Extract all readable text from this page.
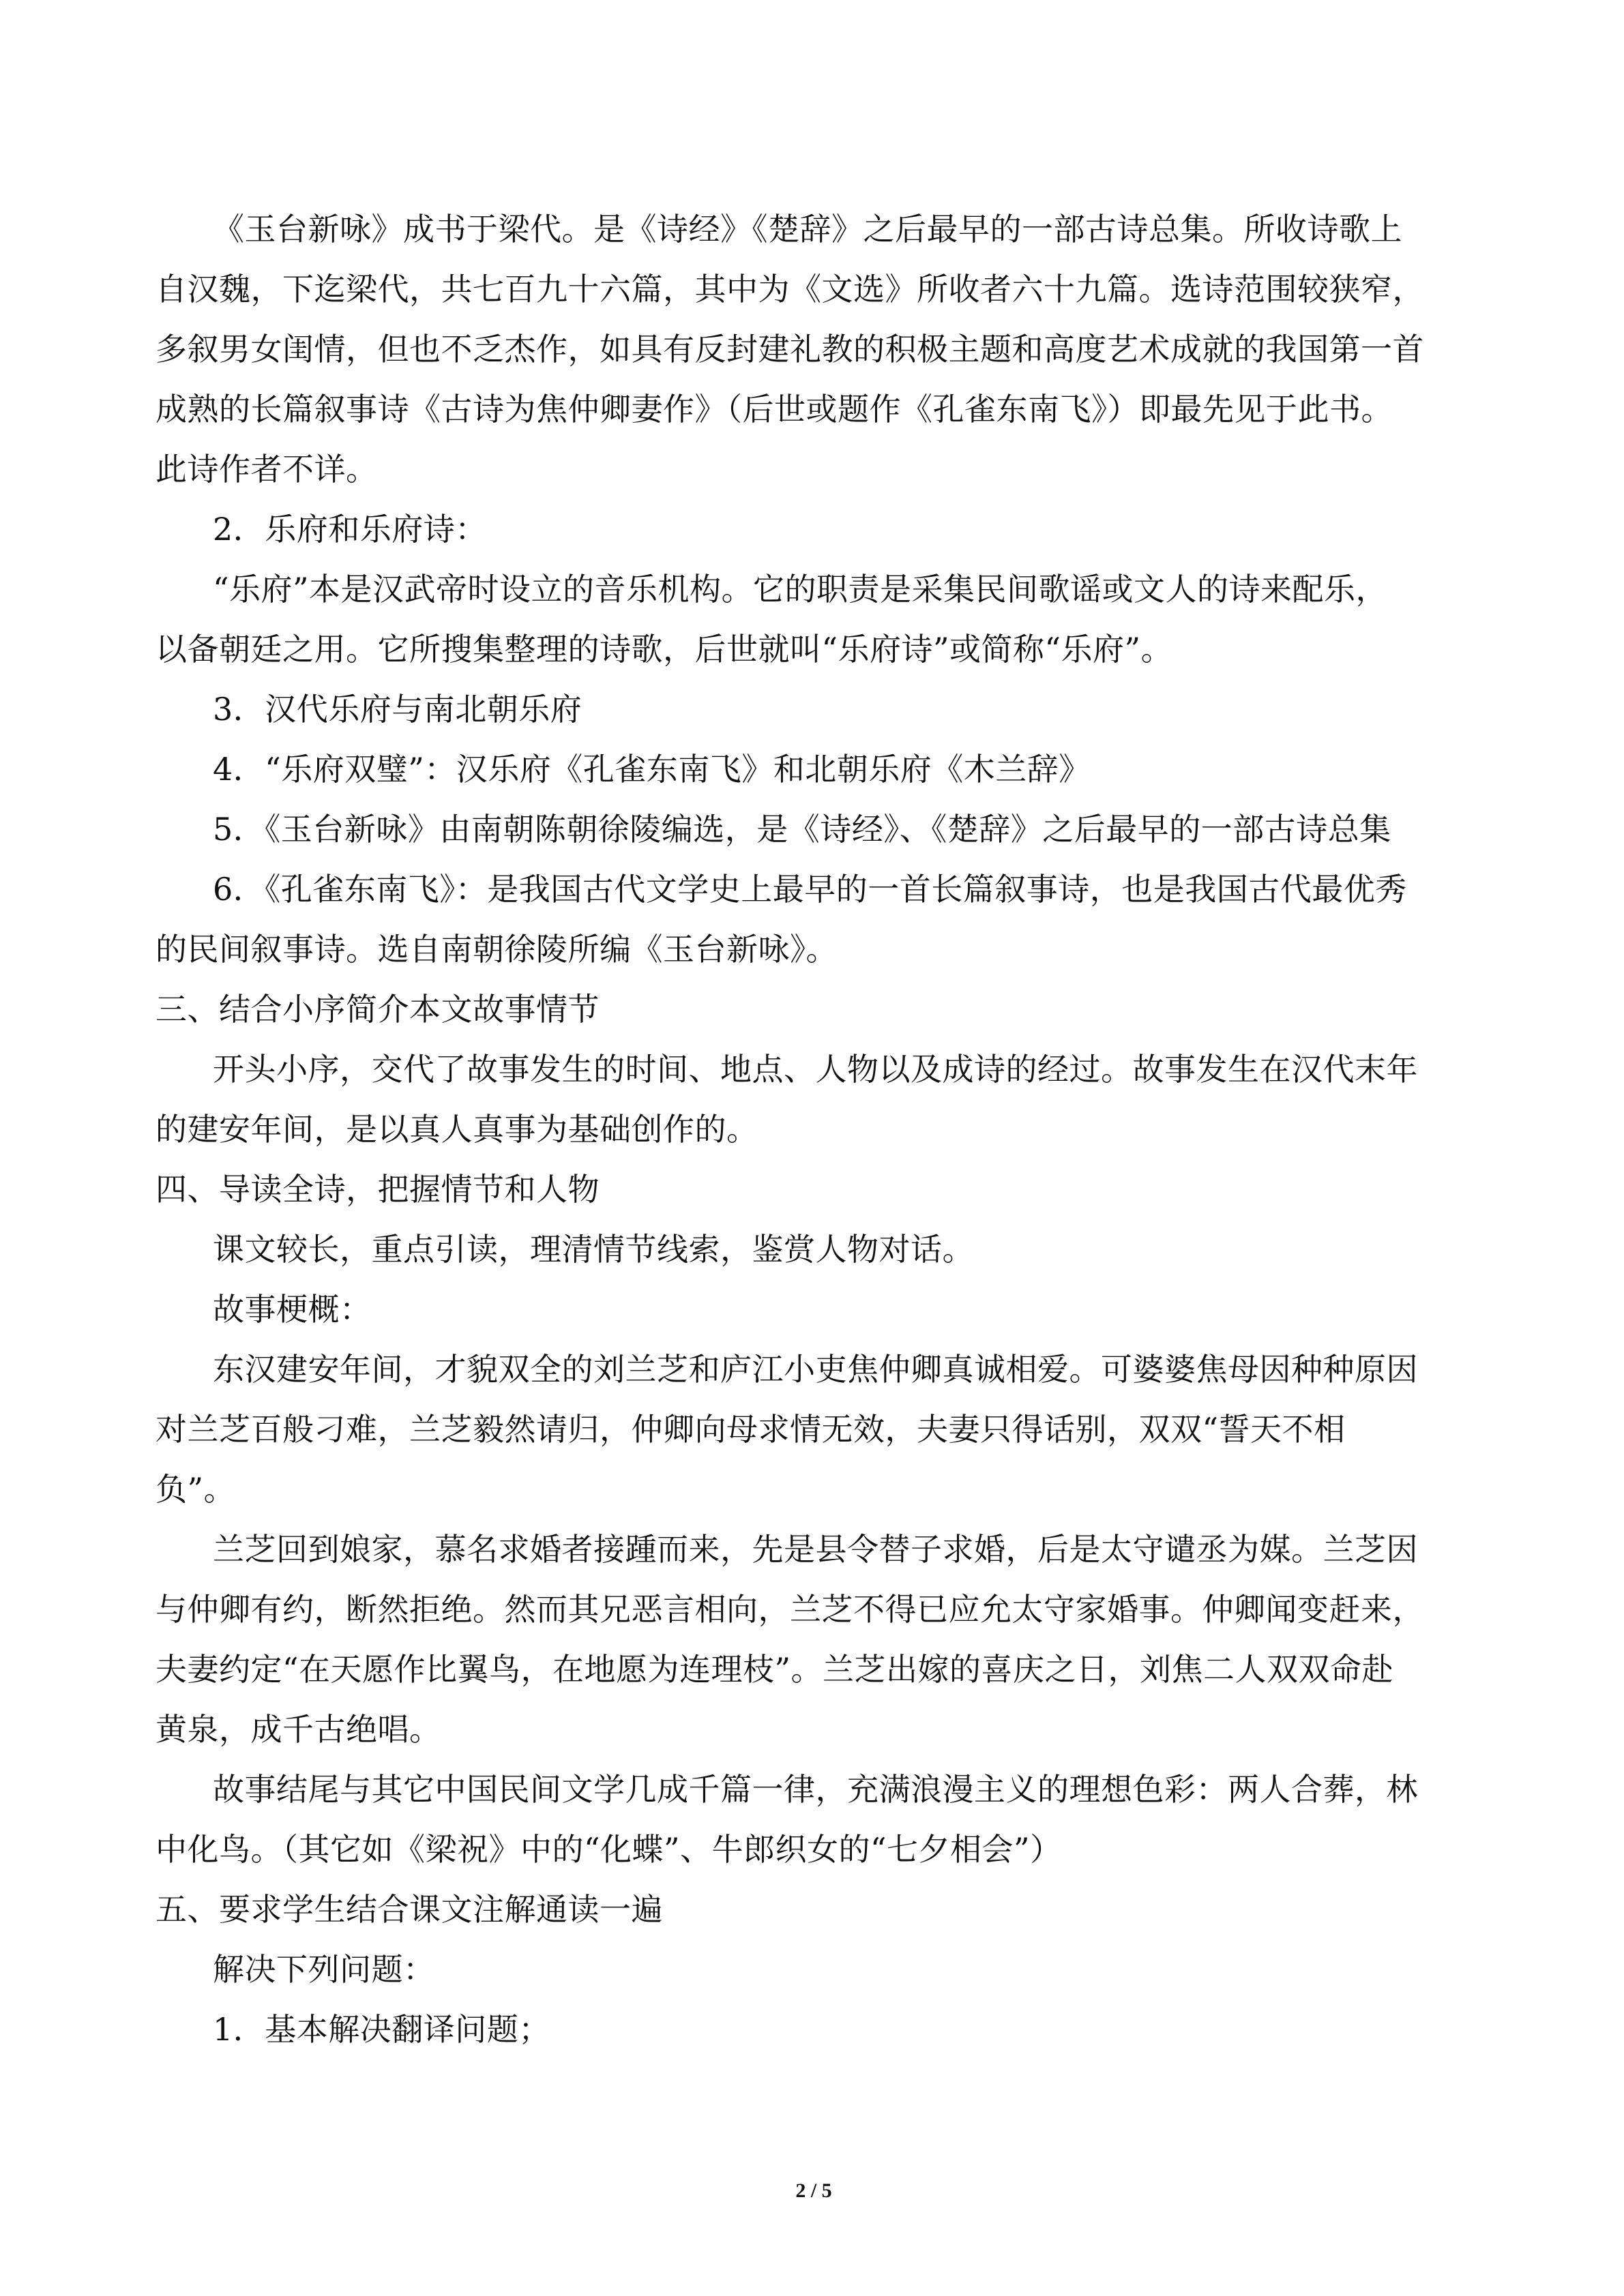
《玉台新咏》成书于梁代。是《诗经》《楚辞》之后最早的一部古诗总集。所收诗歌上
自汉魏，下迄梁代，共七百九十六篇，其中为《文选》所收者六十九篇。选诗范围较狭窄，
多叙男女闺情，但也不乏杰作，如具有反封建礼教的积极主题和高度艺术成就的我国第一首
成熟的长篇叙事诗《古诗为焦仲卿妻作》（后世或题作《孔雀东南飞》）即最先见于此书。
此诗作者不详。
2．乐府和乐府诗：
“乐府”本是汉武帝时设立的音乐机构。它的职责是采集民间歌谣或文人的诗来配乐，
以备朝廷之用。它所搜集整理的诗歌，后世就叫“乐府诗”或简称“乐府”。
3．汉代乐府与南北朝乐府
4．“乐府双璧”：汉乐府《孔雀东南飞》和北朝乐府《木兰辞》
5．《玉台新咏》由南朝陈朝徐陵编选，是《诗经》、《楚辞》之后最早的一部古诗总集
6．《孔雀东南飞》：是我国古代文学史上最早的一首长篇叙事诗，也是我国古代最优秀
的民间叙事诗。选自南朝徐陵所编《玉台新咏》。
三、结合小序简介本文故事情节
开头小序，交代了故事发生的时间、地点、人物以及成诗的经过。故事发生在汉代末年
的建安年间，是以真人真事为基础创作的。
四、导读全诗，把握情节和人物
课文较长，重点引读，理清情节线索，鉴赏人物对话。
故事梗概：
东汉建安年间，才貌双全的刘兰芝和庐江小吏焦仲卿真诚相爱。可婆婆焦母因种种原因
对兰芝百般刁难，兰芝毅然请归，仲卿向母求情无效，夫妻只得话别，双双“誓天不相
负”。
兰芝回到娘家，慕名求婚者接踵而来，先是县令替子求婚，后是太守谴丞为媒。兰芝因
与仲卿有约，断然拒绝。然而其兄恶言相向，兰芝不得已应允太守家婚事。仲卿闻变赶来，
夫妻约定“在天愿作比翼鸟，在地愿为连理枝”。兰芝出嫁的喜庆之日，刘焦二人双双命赴
黄泉，成千古绝唱。
故事结尾与其它中国民间文学几成千篇一律，充满浪漫主义的理想色彩：两人合葬，林
中化鸟。（其它如《梁祝》中的“化蝶”、牛郎织女的“七夕相会”）
五、要求学生结合课文注解通读一遍
解决下列问题：
1．基本解决翻译问题；
2 / 5
